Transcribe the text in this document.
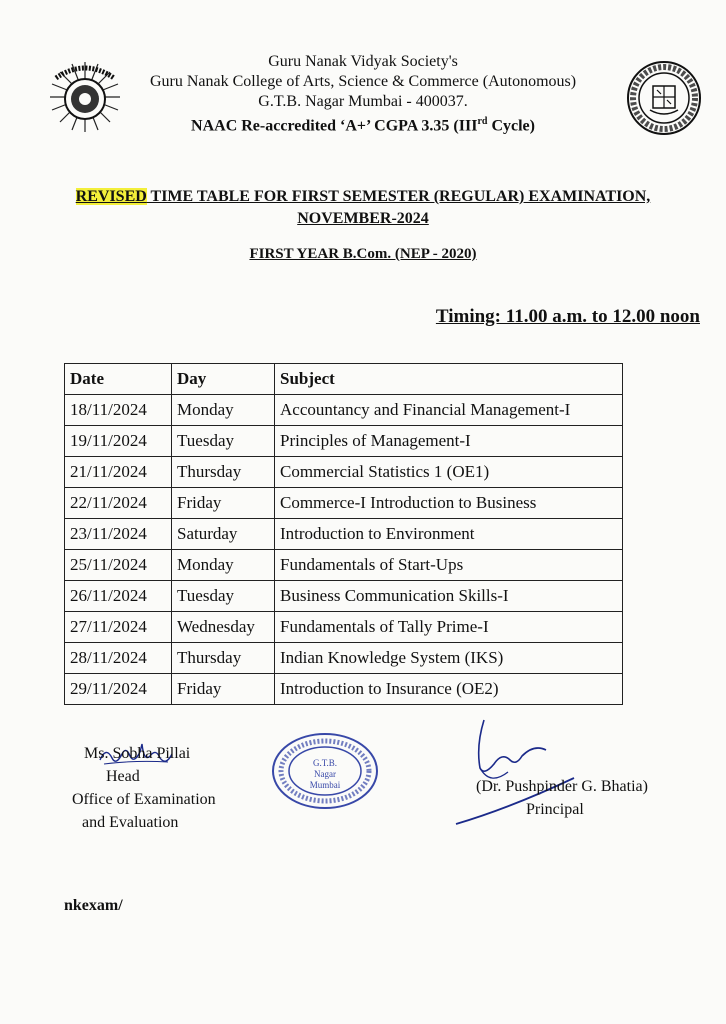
Guru Nanak Vidyak Society's
Guru Nanak College of Arts, Science & Commerce (Autonomous)
G.T.B. Nagar Mumbai - 400037.
NAAC Re-accredited ‘A+’ CGPA 3.35 (IIIrd Cycle)
REVISED TIME TABLE FOR FIRST SEMESTER (REGULAR) EXAMINATION,
NOVEMBER-2024
FIRST YEAR B.Com. (NEP - 2020)
Timing: 11.00 a.m. to 12.00 noon
Date	Day	Subject
18/11/2024	Monday	Accountancy and Financial Management-I
19/11/2024	Tuesday	Principles of Management-I
21/11/2024	Thursday	Commercial Statistics 1 (OE1)
22/11/2024	Friday	Commerce-I Introduction to Business
23/11/2024	Saturday	Introduction to Environment
25/11/2024	Monday	Fundamentals of Start-Ups
26/11/2024	Tuesday	Business Communication Skills-I
27/11/2024	Wednesday	Fundamentals of Tally Prime-I
28/11/2024	Thursday	Indian Knowledge System (IKS)
29/11/2024	Friday	Introduction to Insurance (OE2)
Ms. Sobha Pillai
Head
Office of Examination
and Evaluation
G.T.B.
Nagar
Mumbai	(Dr. Pushpinder G. Bhatia)
Principal
nkexam/
